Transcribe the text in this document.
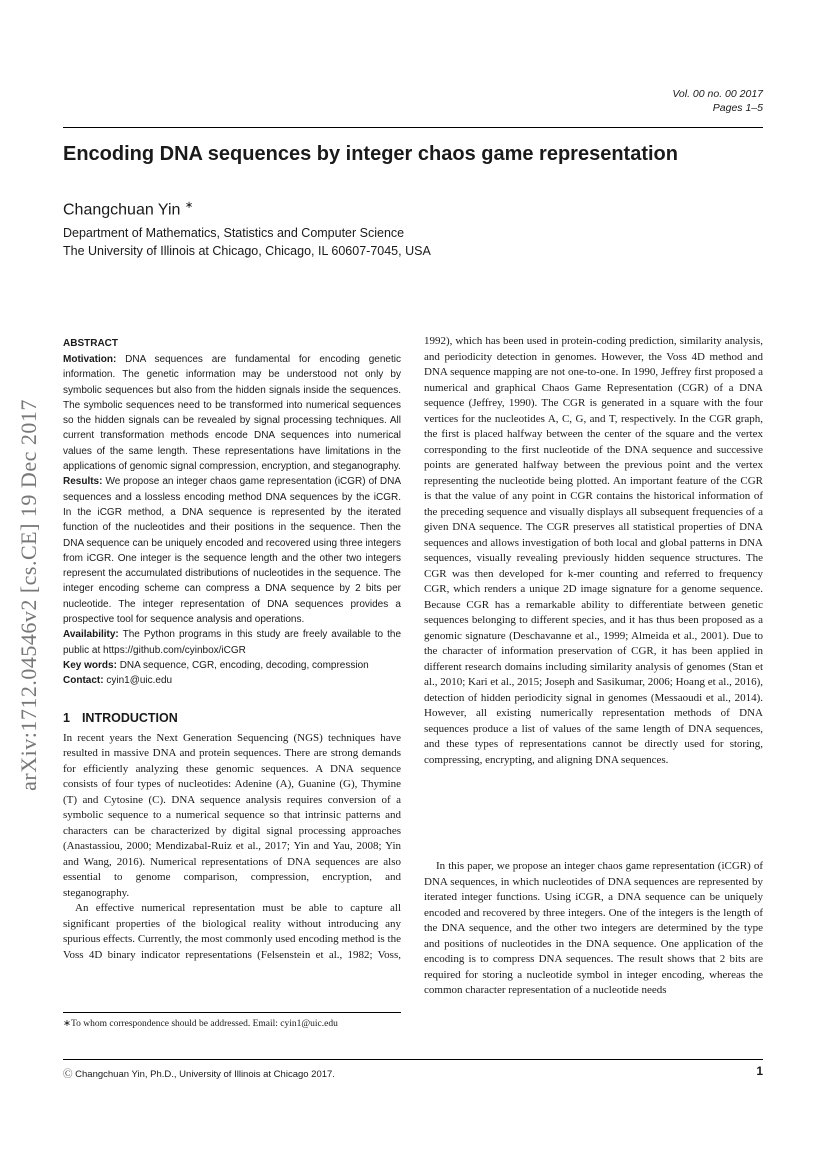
Vol. 00 no. 00 2017
Pages 1–5
Encoding DNA sequences by integer chaos game representation
Changchuan Yin ∗
Department of Mathematics, Statistics and Computer Science
The University of Illinois at Chicago, Chicago, IL 60607-7045, USA
arXiv:1712.04546v2 [cs.CE] 19 Dec 2017
ABSTRACT

Motivation: DNA sequences are fundamental for encoding genetic information. The genetic information may be understood not only by symbolic sequences but also from the hidden signals inside the sequences. The symbolic sequences need to be transformed into numerical sequences so the hidden signals can be revealed by signal processing techniques. All current transformation methods encode DNA sequences into numerical values of the same length. These representations have limitations in the applications of genomic signal compression, encryption, and steganography.

Results: We propose an integer chaos game representation (iCGR) of DNA sequences and a lossless encoding method DNA sequences by the iCGR. In the iCGR method, a DNA sequence is represented by the iterated function of the nucleotides and their positions in the sequence. Then the DNA sequence can be uniquely encoded and recovered using three integers from iCGR. One integer is the sequence length and the other two integers represent the accumulated distributions of nucleotides in the sequence. The integer encoding scheme can compress a DNA sequence by 2 bits per nucleotide. The integer representation of DNA sequences provides a prospective tool for sequence analysis and operations.

Availability: The Python programs in this study are freely available to the public at https://github.com/cyinbox/iCGR

Key words: DNA sequence, CGR, encoding, decoding, compression

Contact: cyin1@uic.edu

1 INTRODUCTION

In recent years the Next Generation Sequencing (NGS) techniques have resulted in massive DNA and protein sequences. There are strong demands for efficiently analyzing these genomic sequences. A DNA sequence consists of four types of nucleotides: Adenine (A), Guanine (G), Thymine (T) and Cytosine (C). DNA sequence analysis requires conversion of a symbolic sequence to a numerical sequence so that intrinsic patterns and characters can be characterized by digital signal processing approaches (Anastassiou, 2000; Mendizabal-Ruiz et al., 2017; Yin and Yau, 2008; Yin and Wang, 2016). Numerical representations of DNA sequences are also essential to genome comparison, compression, encryption, and steganography.

An effective numerical representation must be able to capture all significant properties of the biological reality without introducing any spurious effects. Currently, the most commonly used encoding method is the Voss 4D binary indicator representations (Felsenstein et al., 1982; Voss,

1992), which has been used in protein-coding prediction, similarity analysis, and periodicity detection in genomes. However, the Voss 4D method and DNA sequence mapping are not one-to-one. In 1990, Jeffrey first proposed a numerical and graphical Chaos Game Representation (CGR) of a DNA sequence (Jeffrey, 1990). The CGR is generated in a square with the four vertices for the nucleotides A, C, G, and T, respectively. In the CGR graph, the first is placed halfway between the center of the square and the vertex corresponding to the first nucleotide of the DNA sequence and successive points are generated halfway between the previous point and the vertex representing the nucleotide being plotted. An important feature of the CGR is that the value of any point in CGR contains the historical information of the preceding sequence and visually displays all subsequent frequencies of a given DNA sequence. The CGR preserves all statistical properties of DNA sequences and allows investigation of both local and global patterns in DNA sequences, visually revealing previously hidden sequence structures. The CGR was then developed for k-mer counting and referred to frequency CGR, which renders a unique 2D image signature for a genome sequence. Because CGR has a remarkable ability to differentiate between genetic sequences belonging to different species, and it has thus been proposed as a genomic signature (Deschavanne et al., 1999; Almeida et al., 2001). Due to the character of information preservation of CGR, it has been applied in different research domains including similarity analysis of genomes (Stan et al., 2010; Kari et al., 2015; Joseph and Sasikumar, 2006; Hoang et al., 2016), detection of hidden periodicity signal in genomes (Messaoudi et al., 2014). However, all existing numerically representation methods of DNA sequences produce a list of values of the same length of DNA sequences, and these types of representations cannot be directly used for storing, compressing, encrypting, and aligning DNA sequences.

In this paper, we propose an integer chaos game representation (iCGR) of DNA sequences, in which nucleotides of DNA sequences are represented by iterated integer functions. Using iCGR, a DNA sequence can be uniquely encoded and recovered by three integers. One of the integers is the length of the DNA sequence, and the other two integers are determined by the type and positions of nucleotides in the DNA sequence. One application of the encoding is to compress DNA sequences. The result shows that 2 bits are required for storing a nucleotide symbol in integer encoding, whereas the common character representation of a nucleotide needs

∗To whom correspondence should be addressed. Email: cyin1@uic.edu
Ⓒ Changchuan Yin, Ph.D., University of Illinois at Chicago 2017.	1
